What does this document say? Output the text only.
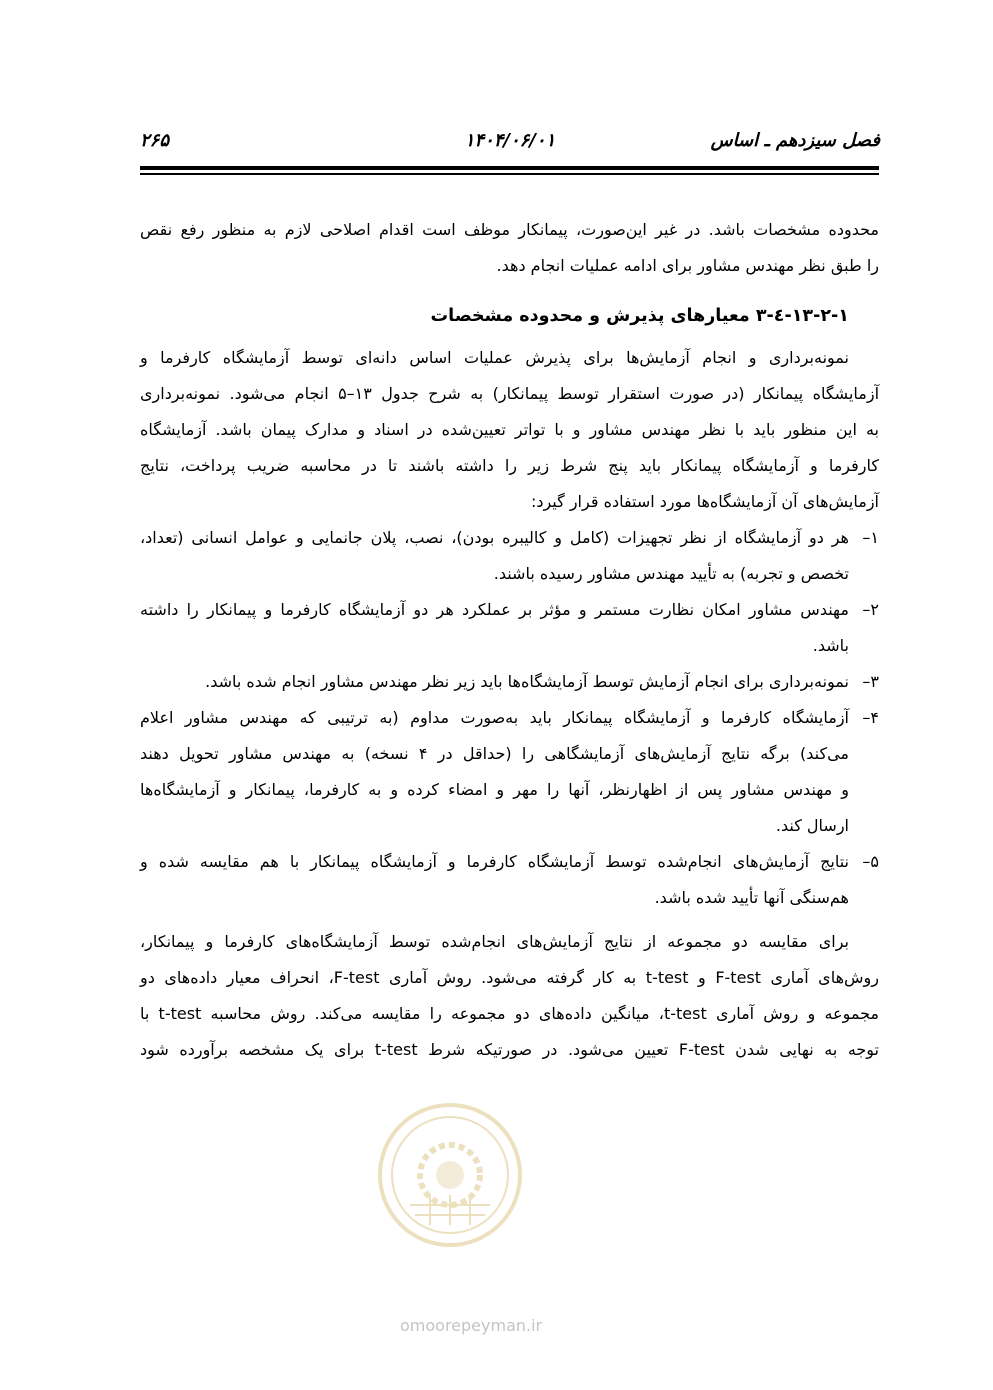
فصل سیزدهم ـ اساس
۱۴۰۴/۰۶/۰۱
۲۶۵
omoorepeyman.ir

محدوده مشخصات باشد. در غیر این‌صورت، پیمانکار موظف است اقدام اصلاحی لازم به منظور رفع نقص
را طبق نظر مهندس مشاور برای ادامه عملیات انجام دهد.

۱۳-۲-۱-٤-۳ معیارهای پذیرش و محدوده مشخصات

نمونه‌برداری و انجام آزمایش‌ها برای پذیرش عملیات اساس دانه‌ای توسط آزمایشگاه کارفرما و
آزمایشگاه پیمانکار (در صورت استقرار توسط پیمانکار) به شرح جدول ۱۳–۵ انجام می‌شود. نمونه‌برداری
به این منظور باید با نظر مهندس مشاور و با تواتر تعیین‌شده در اسناد و مدارک پیمان باشد. آزمایشگاه
کارفرما و آزمایشگاه پیمانکار باید پنج شرط زیر را داشته باشند تا در محاسبه ضریب پرداخت، نتایج
آزمایش‌های آن آزمایشگاه‌ها مورد استفاده قرار گیرد:

۱–
هر دو آزمایشگاه از نظر تجهیزات (کامل و کالیبره بودن)، نصب، پلان جانمایی و عوامل انسانی (تعداد،
تخصص و تجربه) به تأیید مهندس مشاور رسیده باشند.
۲–
مهندس مشاور امکان نظارت مستمر و مؤثر بر عملکرد هر دو آزمایشگاه کارفرما و پیمانکار را داشته
باشد.
۳–
نمونه‌برداری برای انجام آزمایش توسط آزمایشگاه‌ها باید زیر نظر مهندس مشاور انجام شده باشد.
۴–
آزمایشگاه کارفرما و آزمایشگاه پیمانکار باید به‌صورت مداوم (به ترتیبی که مهندس مشاور اعلام
می‌کند) برگه نتایج آزمایش‌های آزمایشگاهی را (حداقل در ۴ نسخه) به مهندس مشاور تحویل دهند
و مهندس مشاور پس از اظهارنظر، آنها را مهر و امضاء کرده و به کارفرما، پیمانکار و آزمایشگاه‌ها
ارسال کند.
۵–
نتایج آزمایش‌های انجام‌شده توسط آزمایشگاه کارفرما و آزمایشگاه پیمانکار با هم مقایسه شده و
هم‌سنگی آنها تأیید شده باشد.

برای مقایسه دو مجموعه از نتایج آزمایش‌های انجام‌شده توسط آزمایشگاه‌های کارفرما و پیمانکار،
روش‌های آماری F-test و t-test به کار گرفته می‌شود. روش آماری F-test، انحراف معیار داده‌های دو
مجموعه و روش آماری t-test، میانگین داده‌های دو مجموعه را مقایسه می‌کند. روش محاسبه t-test با
توجه به نهایی شدن F-test تعیین می‌شود. در صورتیکه شرط t-test برای یک مشخصه برآورده شود
